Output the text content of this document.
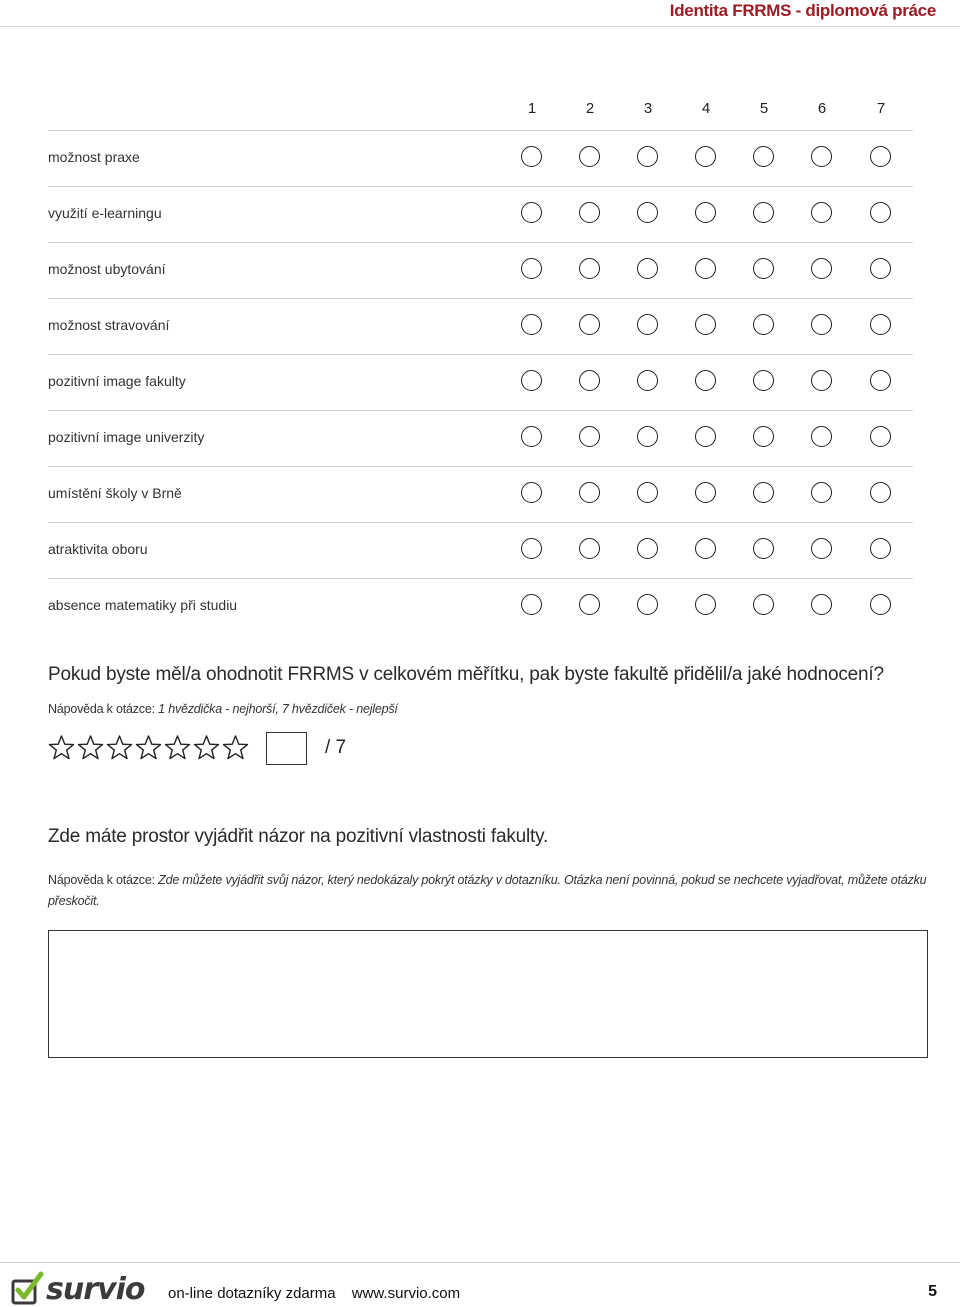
Identita FRRMS - diplomová práce
1	2	3	4	5	6	7
možnost praxe
využití e-learningu
možnost ubytování
možnost stravování
pozitivní image fakulty
pozitivní image univerzity
umístění školy v Brně
atraktivita oboru
absence matematiky při studiu
Pokud byste měl/a ohodnotit FRRMS v celkovém měřítku, pak byste fakultě přidělil/a jaké hodnocení?
Nápověda k otázce: 1 hvězdička - nejhorší, 7 hvězdiček - nejlepší
/ 7
Zde máte prostor vyjádřit názor na pozitivní vlastnosti fakulty.
Nápověda k otázce: Zde můžete vyjádřit svůj názor, který nedokázaly pokrýt otázky v dotazníku. Otázka není povinná, pokud se nechcete vyjadřovat, můžete otázku přeskočit.
survio on-line dotazníky zdarma www.survio.com	5
